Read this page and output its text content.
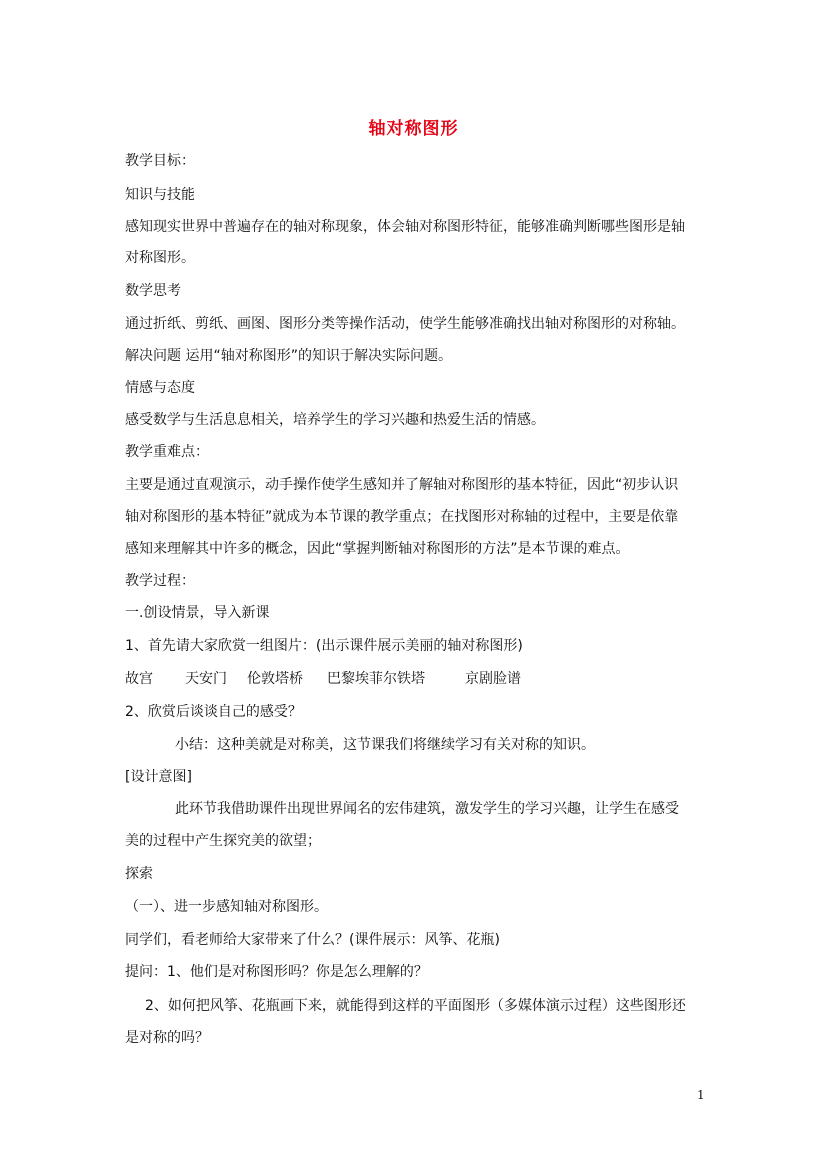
轴对称图形
教学目标：
知识与技能
感知现实世界中普遍存在的轴对称现象，体会轴对称图形特征，能够准确判断哪些图形是轴
对称图形。
数学思考
通过折纸、剪纸、画图、图形分类等操作活动，使学生能够准确找出轴对称图形的对称轴。
解决问题 运用“轴对称图形”的知识于解决实际问题。
情感与态度
感受数学与生活息息相关，培养学生的学习兴趣和热爱生活的情感。
教学重难点：
主要是通过直观演示，动手操作使学生感知并了解轴对称图形的基本特征，因此“初步认识
轴对称图形的基本特征”就成为本节课的教学重点；在找图形对称轴的过程中，主要是依靠
感知来理解其中许多的概念，因此“掌握判断轴对称图形的方法”是本节课的难点。
教学过程：
一.创设情景，导入新课
1、首先请大家欣赏一组图片：(出示课件展示美丽的轴对称图形)
故宫 天安门 伦敦塔桥 巴黎埃菲尔铁塔	京剧脸谱
2、欣赏后谈谈自己的感受？
小结：这种美就是对称美，这节课我们将继续学习有关对称的知识。
[设计意图]
此环节我借助课件出现世界闻名的宏伟建筑，激发学生的学习兴趣，让学生在感受
美的过程中产生探究美的欲望；
探索
（一）、进一步感知轴对称图形。
同学们，看老师给大家带来了什么？(课件展示：风筝、花瓶)
提问：1、他们是对称图形吗？你是怎么理解的？
2、如何把风筝、花瓶画下来，就能得到这样的平面图形（多媒体演示过程）这些图形还
是对称的吗？
1
